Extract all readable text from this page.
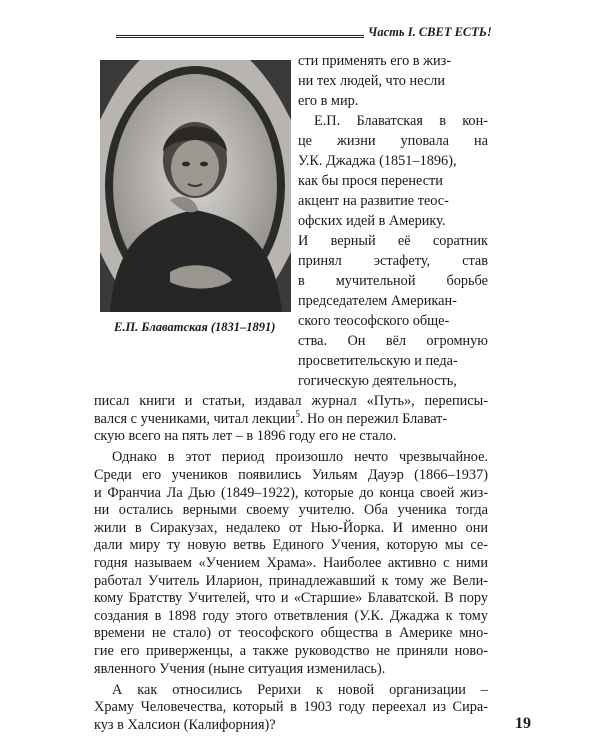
Часть I. СВЕТ ЕСТЬ!
Е.П. Блаватская (1831–1891)
сти применять его в жиз-
ни тех людей, что несли
его в мир.
Е.П. Блаватская в кон-
це жизни уповала на
У.К. Джаджа (1851–1896),
как бы прося перенести
акцент на развитие теос-
офских идей в Америку.
И верный её соратник
принял эстафету, став
в мучительной борьбе
председателем Американ-
ского теософского обще-
ства. Он вёл огромную
просветительскую и педа-
гогическую деятельность,
писал книги и статьи, издавал журнал «Путь», переписы-
вался с учениками, читал лекции$^5$. Но он пережил Блават-
скую всего на пять лет – в 1896 году его не стало.
Однако в этот период произошло нечто чрезвычайное.
Среди его учеников появились Уильям Дауэр (1866–1937)
и Франчиа Ла Дью (1849–1922), которые до конца своей жиз-
ни остались верными своему учителю. Оба ученика тогда
жили в Сиракузах, недалеко от Нью-Йорка. И именно они
дали миру ту новую ветвь Единого Учения, которую мы се-
годня называем «Учением Храма». Наиболее активно с ними
работал Учитель Иларион, принадлежавший к тому же Вели-
кому Братству Учителей, что и «Старшие» Блаватской. В пору
создания в 1898 году этого ответвления (У.К. Джаджа к тому
времени не стало) от теософского общества в Америке мно-
гие его приверженцы, а также руководство не приняли ново-
явленного Учения (ныне ситуация изменилась).
А как относились Рерихи к новой организации –
Храму Человечества, который в 1903 году переехал из Сира-
куз в Халсион (Калифорния)?	19
